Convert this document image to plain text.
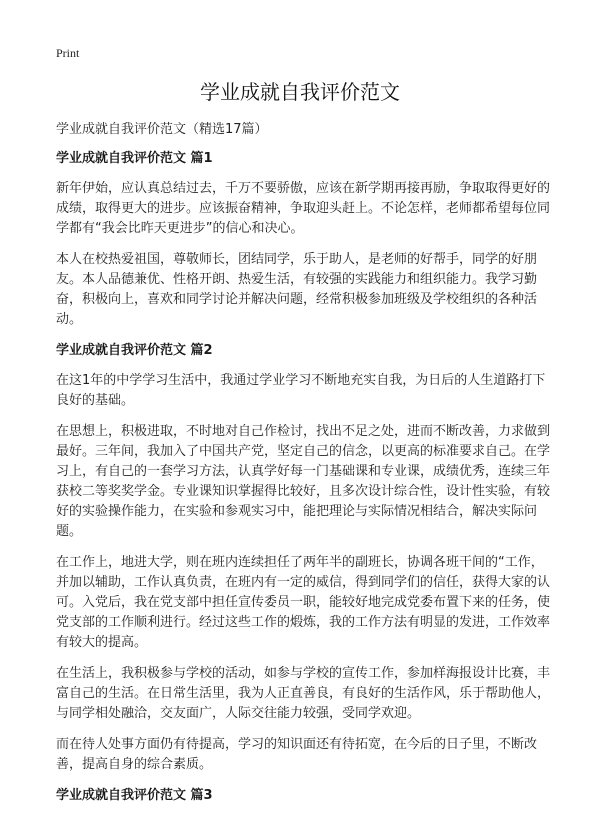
Print
学业成就自我评价范文
学业成就自我评价范文（精选17篇）
学业成就自我评价范文 篇1

新年伊始，应认真总结过去，千万不要骄傲，应该在新学期再接再励，争取取得更好的成绩，取得更大的进步。应该振奋精神，争取迎头赶上。不论怎样，老师都希望每位同学都有“我会比昨天更进步”的信心和决心。

本人在校热爱祖国，尊敬师长，团结同学，乐于助人，是老师的好帮手，同学的好朋友。本人品德兼优、性格开朗、热爱生活，有较强的实践能力和组织能力。我学习勤奋，积极向上，喜欢和同学讨论并解决问题，经常积极参加班级及学校组织的各种活动。

学业成就自我评价范文 篇2

在这1年的中学学习生活中，我通过学业学习不断地充实自我，为日后的人生道路打下良好的基础。

在思想上，积极进取，不时地对自己作检讨，找出不足之处，进而不断改善，力求做到最好。三年间，我加入了中国共产党，坚定自己的信念，以更高的标准要求自己。在学习上，有自己的一套学习方法，认真学好每一门基础课和专业课，成绩优秀，连续三年获校二等奖奖学金。专业课知识掌握得比较好，且多次设计综合性，设计性实验，有较好的实验操作能力，在实验和参观实习中，能把理论与实际情况相结合，解决实际问题。

在工作上，地进大学，则在班内连续担任了两年半的副班长，协调各班干间的“工作，并加以辅助，工作认真负责，在班内有一定的威信，得到同学们的信任，获得大家的认可。入党后，我在党支部中担任宣传委员一职，能较好地完成党委布置下来的任务，使党支部的工作顺利进行。经过这些工作的煅炼，我的工作方法有明显的发进，工作效率有较大的提高。

在生活上，我积极参与学校的活动，如参与学校的宣传工作，参加样海报设计比赛，丰富自己的生活。在日常生活里，我为人正直善良，有良好的生活作风，乐于帮助他人，与同学相处融洽，交友面广，人际交往能力较强，受同学欢迎。

而在待人处事方面仍有待提高，学习的知识面还有待拓宽，在今后的日子里，不断改善，提高自身的综合素质。

学业成就自我评价范文 篇3
